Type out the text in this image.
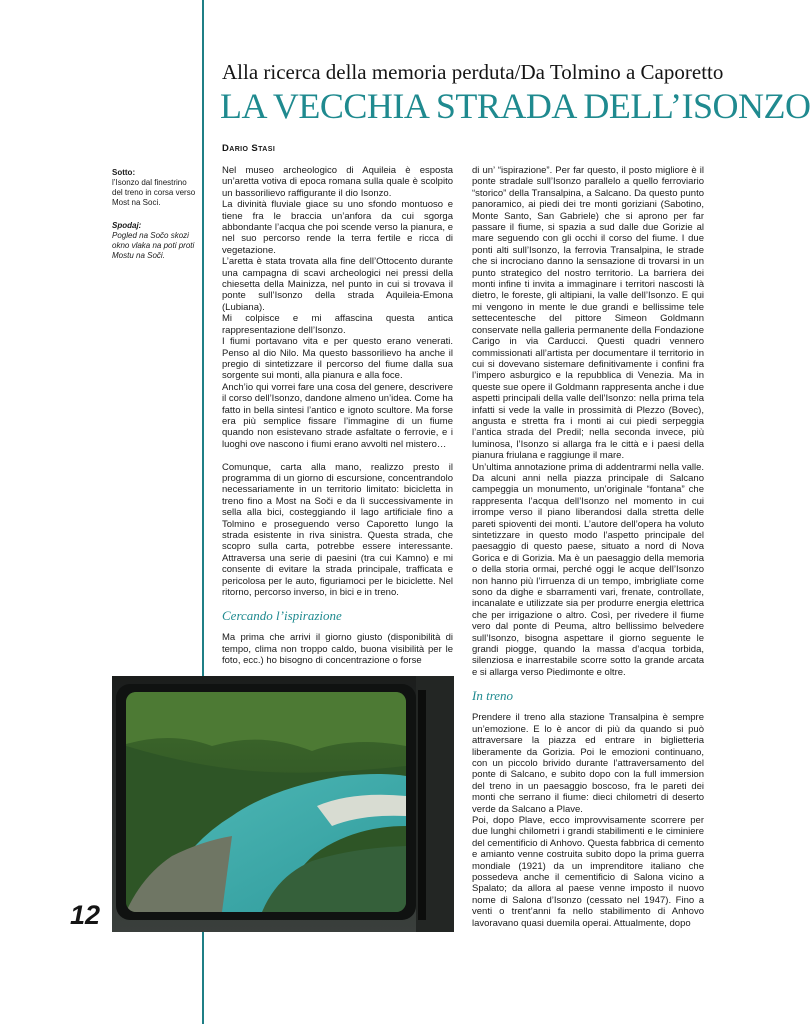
Alla ricerca della memoria perduta/Da Tolmino a Caporetto
LA VECCHIA STRADA DELL’ISONZO
Dario Stasi
Sotto:
l’Isonzo dal finestrino del treno in corsa verso Most na Soci.
Spodaj:
Pogled na Sočo skozi okno vlaka na poti proti Mostu na Soči.

Nel museo archeologico di Aquileia è esposta un’aretta votiva di epoca romana sulla quale è scolpito un bassorilievo raffigurante il dio Isonzo.

La divinità fluviale giace su uno sfondo montuoso e tiene fra le braccia un’anfora da cui sgorga abbondante l’acqua che poi scende verso la pianura, e nel suo percorso rende la terra fertile e ricca di vegetazione.

L’aretta è stata trovata alla fine dell’Ottocento durante una campagna di scavi archeologici nei pressi della chiesetta della Mainizza, nel punto in cui si trovava il ponte sull’Isonzo della strada Aquileia-Emona (Lubiana).

Mi colpisce e mi affascina questa antica rappresentazione dell’Isonzo.

I fiumi portavano vita e per questo erano venerati. Penso al dio Nilo. Ma questo bassorilievo ha anche il pregio di sintetizzare il percorso del fiume dalla sua sorgente sui monti, alla pianura e alla foce.

Anch’io qui vorrei fare una cosa del genere, descrivere il corso dell’Isonzo, dandone almeno un’idea. Come ha fatto in bella sintesi l’antico e ignoto scultore. Ma forse era più semplice fissare l’immagine di un fiume quando non esistevano strade asfaltate o ferrovie, e i luoghi ove nascono i fiumi erano avvolti nel mistero…

Comunque, carta alla mano, realizzo presto il programma di un giorno di escursione, concentrandolo necessariamente in un territorio limitato: bicicletta in treno fino a Most na Soči e da lì successivamente in sella alla bici, costeggiando il lago artificiale fino a Tolmino e proseguendo verso Caporetto lungo la strada esistente in riva sinistra. Questa strada, che scopro sulla carta, potrebbe essere interessante. Attraversa una serie di paesini (tra cui Kamno) e mi consente di evitare la strada principale, trafficata e pericolosa per le auto, figuriamoci per le biciclette. Nel ritorno, percorso inverso, in bici e in treno.

Cercando l’ispirazione

Ma prima che arrivi il giorno giusto (disponibilità di tempo, clima non troppo caldo, buona visibilità per le foto, ecc.) ho bisogno di concentrazione o forse

di un’ “ispirazione”. Per far questo, il posto migliore è il ponte stradale sull’Isonzo parallelo a quello ferroviario “storico” della Transalpina, a Salcano. Da questo punto panoramico, ai piedi dei tre monti goriziani (Sabotino, Monte Santo, San Gabriele) che si aprono per far passare il fiume, si spazia a sud dalle due Gorizie al mare seguendo con gli occhi il corso del fiume. I due ponti alti sull’Isonzo, la ferrovia Transalpina, le strade che si incrociano danno la sensazione di trovarsi in un punto strategico del nostro territorio. La barriera dei monti infine ti invita a immaginare i territori nascosti là dietro, le foreste, gli altipiani, la valle dell’Isonzo. E qui mi vengono in mente le due grandi e bellissime tele settecentesche del pittore Simeon Goldmann conservate nella galleria permanente della Fondazione Carigo in via Carducci. Questi quadri vennero commissionati all’artista per documentare il territorio in cui si dovevano sistemare definitivamente i confini fra l’impero asburgico e la repubblica di Venezia. Ma in queste sue opere il Goldmann rappresenta anche i due aspetti principali della valle dell’Isonzo: nella prima tela infatti si vede la valle in prossimità di Plezzo (Bovec), angusta e stretta fra i monti ai cui piedi serpeggia l’antica strada del Predil; nella seconda invece, più luminosa, l’Isonzo si allarga fra le città e i paesi della pianura friulana e raggiunge il mare.

Un’ultima annotazione prima di addentrarmi nella valle. Da alcuni anni nella piazza principale di Salcano campeggia un monumento, un’originale “fontana” che rappresenta l’acqua dell’Isonzo nel momento in cui irrompe verso il piano liberandosi dalla stretta delle pareti spioventi dei monti. L’autore dell’opera ha voluto sintetizzare in questo modo l’aspetto principale del paesaggio di questo paese, situato a nord di Nova Gorica e di Gorizia. Ma è un paesaggio della memoria o della storia ormai, perché oggi le acque dell’Isonzo non hanno più l’irruenza di un tempo, imbrigliate come sono da dighe e sbarramenti vari, frenate, controllate, incanalate e utilizzate sia per produrre energia elettrica che per irrigazione o altro. Così, per rivedere il fiume vero dal ponte di Peuma, altro bellissimo belvedere sull’Isonzo, bisogna aspettare il giorno seguente le grandi piogge, quando la massa d’acqua torbida, silenziosa e inarrestabile scorre sotto la grande arcata e si allarga verso Piedimonte e oltre.

In treno

Prendere il treno alla stazione Transalpina è sempre un’emozione. E lo è ancor di più da quando si può attraversare la piazza ed entrare in biglietteria liberamente da Gorizia. Poi le emozioni continuano, con un piccolo brivido durante l’attraversamento del ponte di Salcano, e subito dopo con la full immersion del treno in un paesaggio boscoso, fra le pareti dei monti che serrano il fiume: dieci chilometri di deserto verde da Salcano a Plave.

Poi, dopo Plave, ecco improvvisamente scorrere per due lunghi chilometri i grandi stabilimenti e le ciminiere del cementificio di Anhovo. Questa fabbrica di cemento e amianto venne costruita subito dopo la prima guerra mondiale (1921) da un imprenditore italiano che possedeva anche il cementificio di Salona vicino a Spalato; da allora al paese venne imposto il nuovo nome di Salona d’Isonzo (cessato nel 1947). Fino a venti o trent’anni fa nello stabilimento di Anhovo lavoravano quasi duemila operai. Attualmente, dopo

12
